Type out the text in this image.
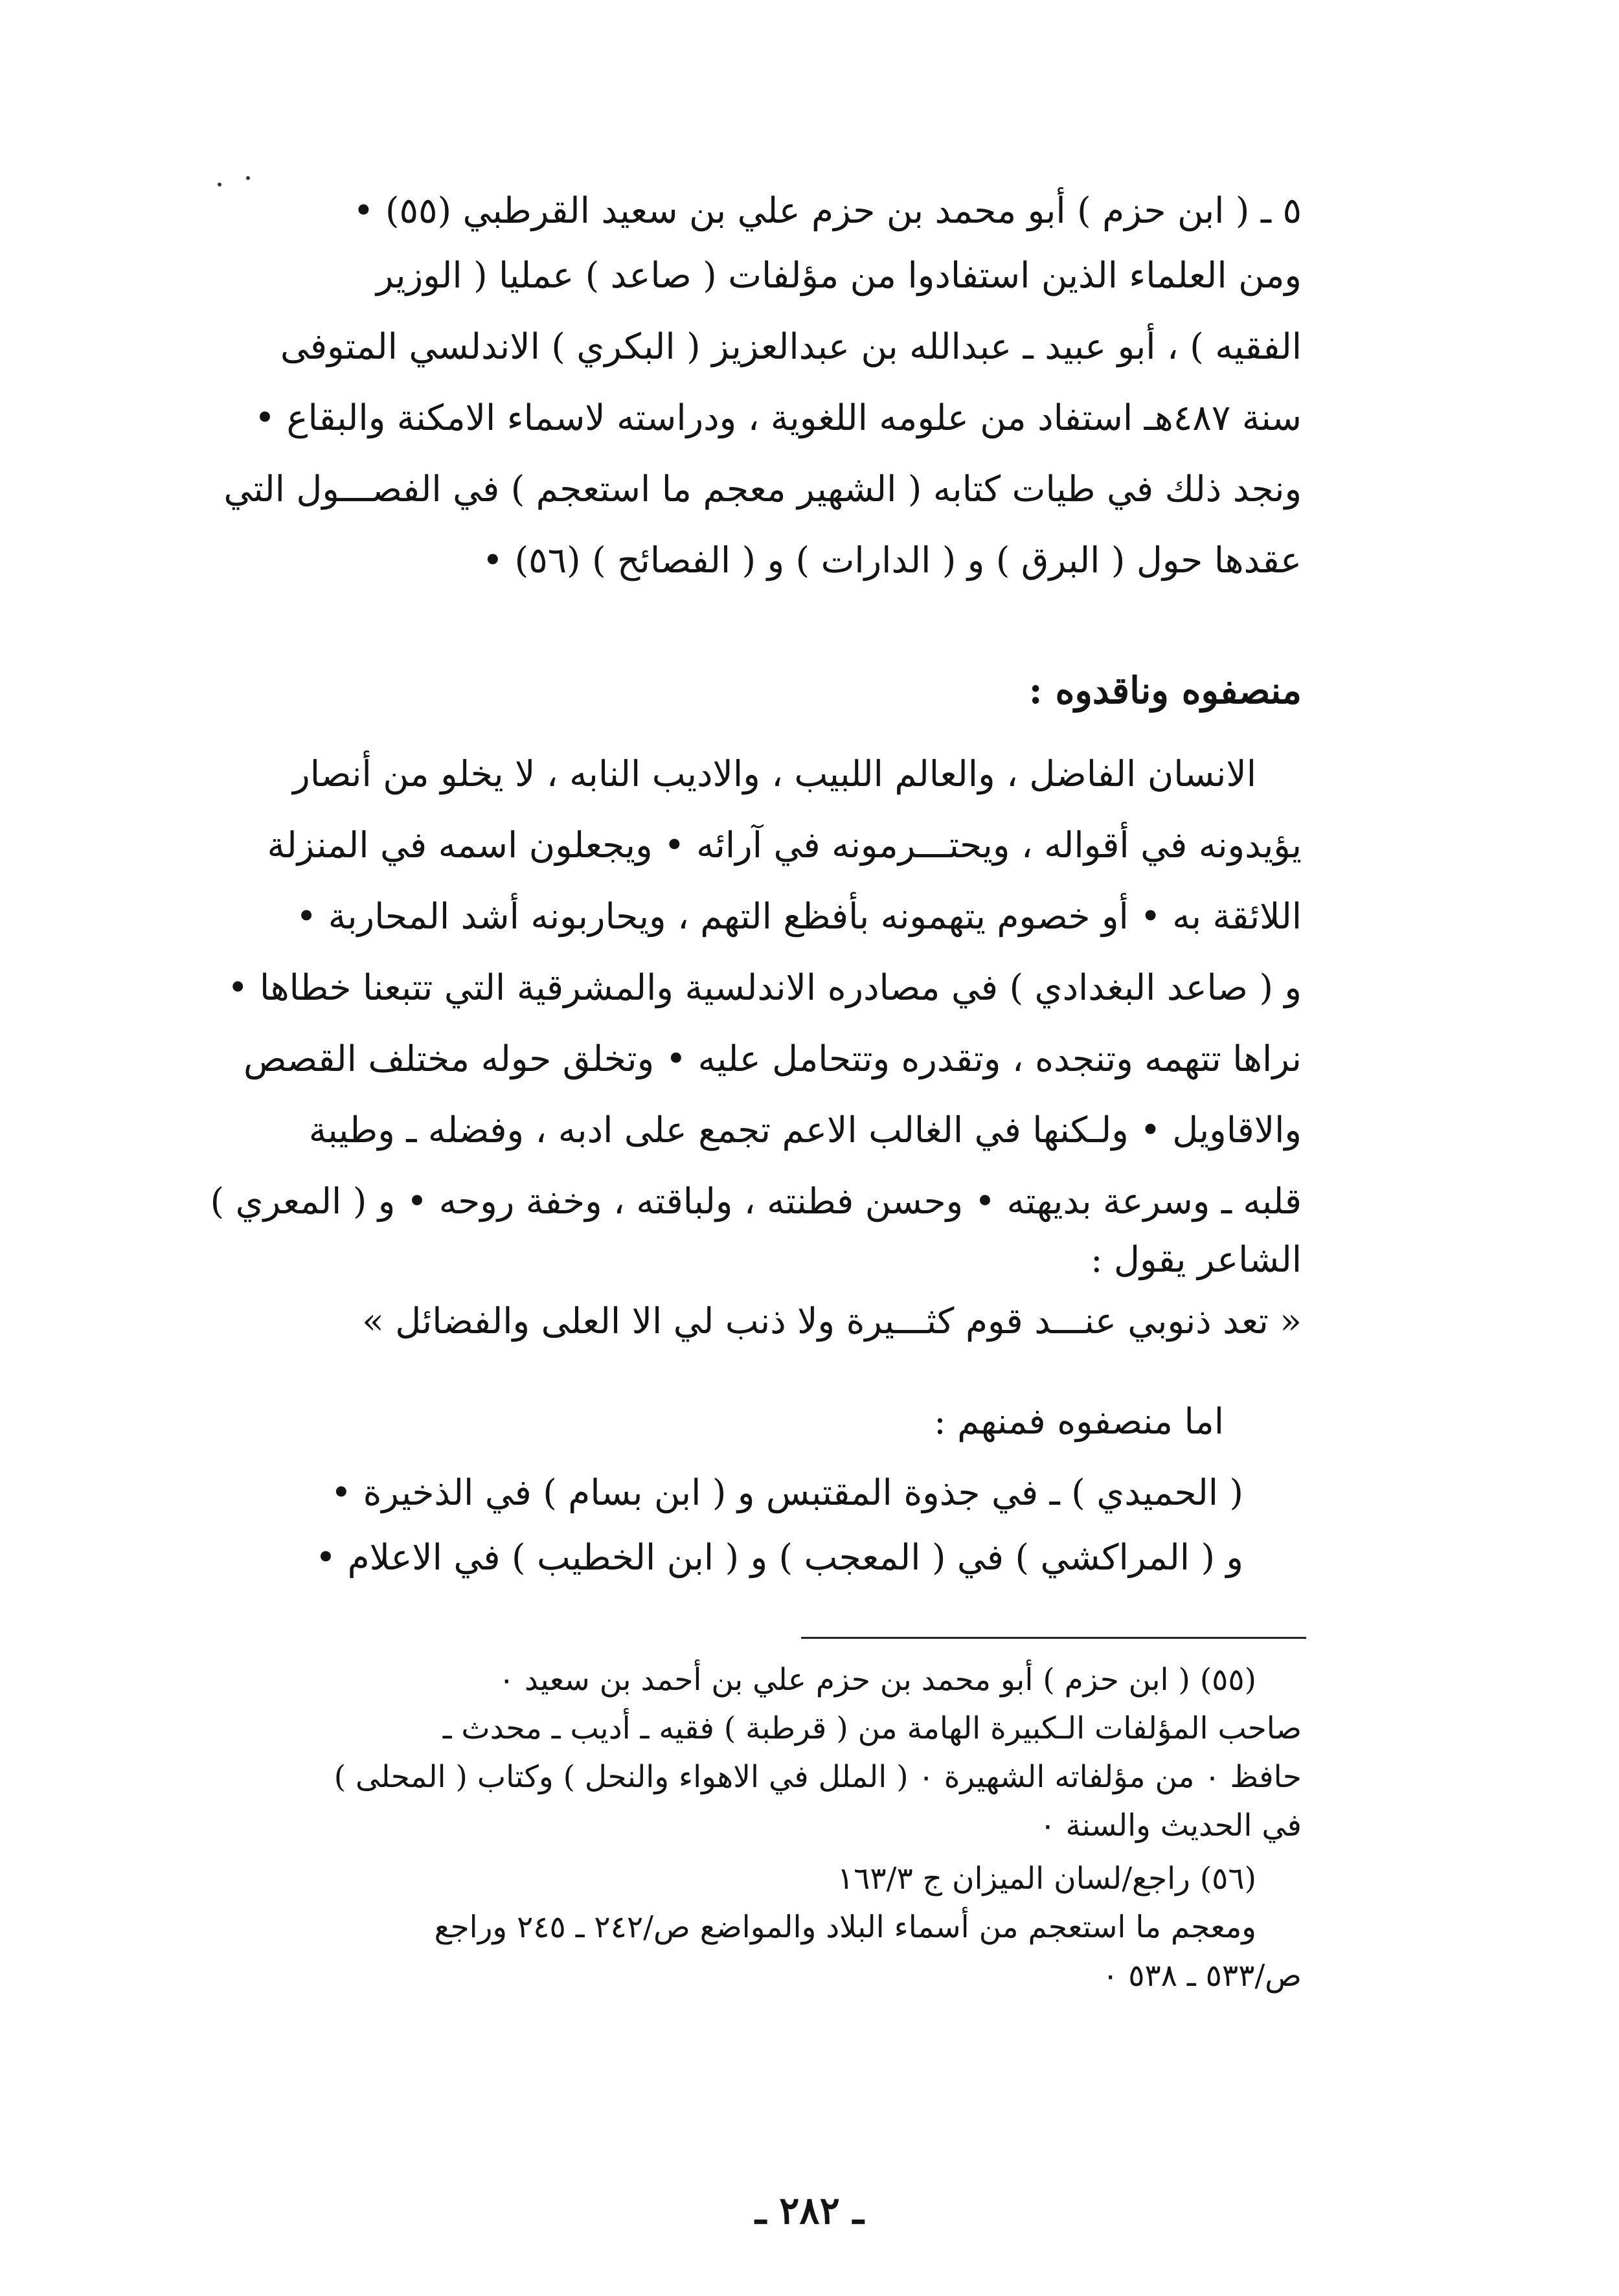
٥ ـ ( ابن حزم ) أبو محمد بن حزم علي بن سعيد القرطبي (٥٥) •
ومن العلماء الذين استفادوا من مؤلفات ( صاعد ) عمليا ( الوزير
الفقيه ) ، أبو عبيد ـ عبدالله بن عبدالعزيز ( البكري ) الاندلسي المتوفى
سنة ٤٨٧هـ استفاد من علومه اللغوية ، ودراسته لاسماء الامكنة والبقاع •
ونجد ذلك في طيات كتابه ( الشهير معجم ما استعجم ) في الفصـــول التي
عقدها حول ( البرق ) و ( الدارات ) و ( الفصائح ) (٥٦) •
منصفوه وناقدوه :
الانسان الفاضل ، والعالم اللبيب ، والاديب النابه ، لا يخلو من أنصار
يؤيدونه في أقواله ، ويحتـــرمونه في آرائه • ويجعلون اسمه في المنزلة
اللائقة به • أو خصوم يتهمونه بأفظع التهم ، ويحاربونه أشد المحاربة •
و ( صاعد البغدادي ) في مصادره الاندلسية والمشرقية التي تتبعنا خطاها •
نراها تتهمه وتنجده ، وتقدره وتتحامل عليه • وتخلق حوله مختلف القصص
والاقاويل • ولـكنها في الغالب الاعم تجمع على ادبه ، وفضله ـ وطيبة
قلبه ـ وسرعة بديهته • وحسن فطنته ، ولباقته ، وخفة روحه • و ( المعري )
الشاعر يقول :
« تعد ذنوبي عنـــد قوم كثـــيرة ولا ذنب لي الا العلى والفضائل »
اما منصفوه فمنهم :
( الحميدي ) ـ في جذوة المقتبس و ( ابن بسام ) في الذخيرة •
و ( المراكشي ) في ( المعجب ) و ( ابن الخطيب ) في الاعلام •
(٥٥) ( ابن حزم ) أبو محمد بن حزم علي بن أحمد بن سعيد ٠
صاحب المؤلفات الـكبيرة الهامة من ( قرطبة ) فقيه ـ أديب ـ محدث ـ
حافظ ٠ من مؤلفاته الشهيرة ٠ ( الملل في الاهواء والنحل ) وكتاب ( المحلى )
في الحديث والسنة ٠
(٥٦) راجع/لسان الميزان ج ١٦٣/٣
ومعجم ما استعجم من أسماء البلاد والمواضع ص/٢٤٢ ـ ٢٤٥ وراجع
ص/٥٣٣ ـ ٥٣٨ ٠
ـ ٢٨٢ ـ
